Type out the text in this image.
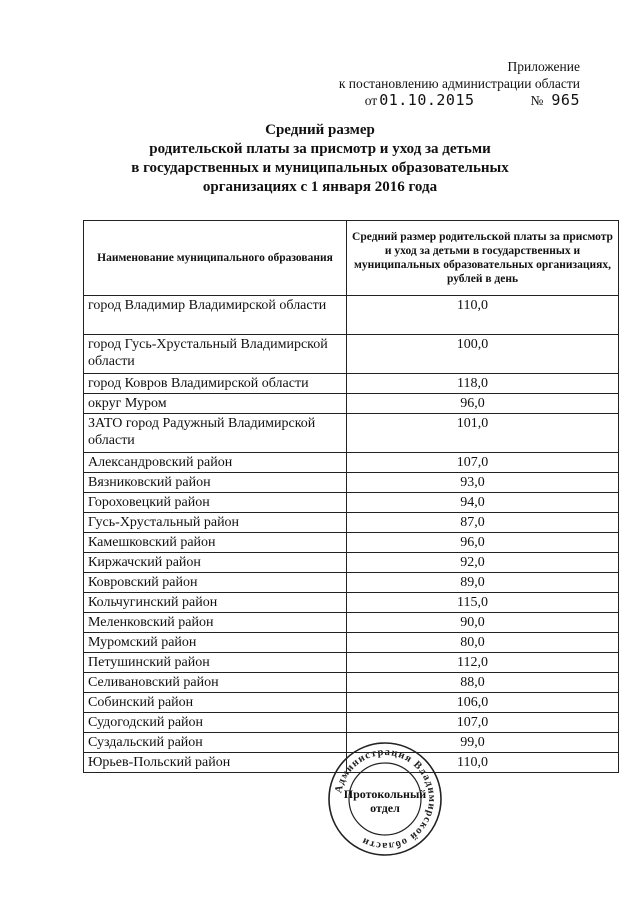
Приложение
к постановлению администрации области
от 01.10.2015	№ 965
Средний размер
родительской платы за присмотр и уход за детьми
в государственных и муниципальных образовательных
организациях с 1 января 2016 года
Наименование муниципального образования	Средний размер родительской платы за присмотр и уход за детьми в государственных и муниципальных образовательных организациях, рублей в день
город Владимир Владимирской области	110,0
город Гусь-Хрустальный Владимирской области	100,0
город Ковров Владимирской области	118,0
округ Муром	96,0
ЗАТО город Радужный Владимирской области	101,0
Александровский район	107,0
Вязниковский район	93,0
Гороховецкий район	94,0
Гусь-Хрустальный район	87,0
Камешковский район	96,0
Киржачский район	92,0
Ковровский район	89,0
Кольчугинский район	115,0
Меленковский район	90,0
Муромский район	80,0
Петушинский район	112,0
Селивановский район	88,0
Собинский район	106,0
Судогодский район	107,0
Суздальский район	99,0
Юрьев-Польский район	110,0
Администрация Владимирской области
Протокольный
отдел
